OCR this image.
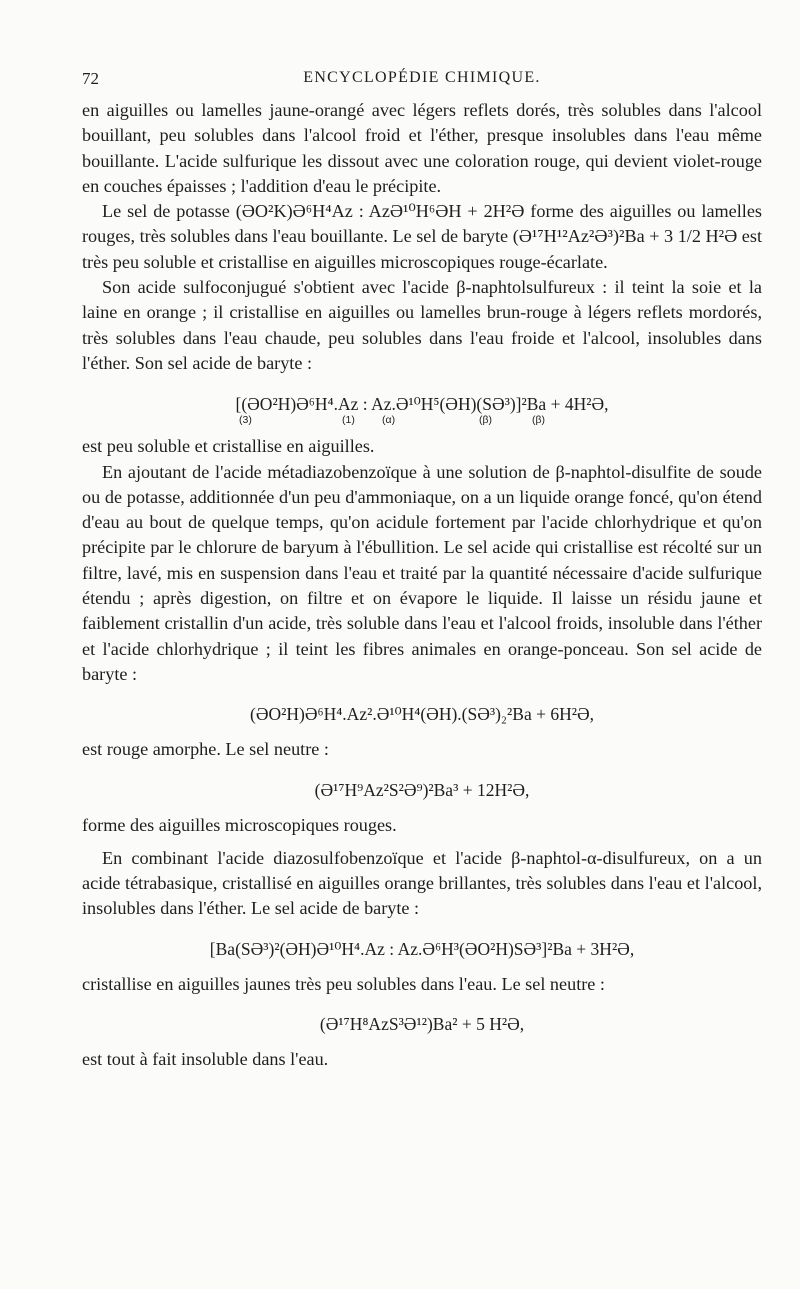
72	ENCYCLOPÉDIE CHIMIQUE.

en aiguilles ou lamelles jaune-orangé avec légers reflets dorés, très solubles dans l'alcool bouillant, peu solubles dans l'alcool froid et l'éther, presque insolubles dans l'eau même bouillante. L'acide sulfurique les dissout avec une coloration rouge, qui devient violet-rouge en couches épaisses ; l'addition d'eau le précipite.

Le sel de potasse (ƏO²K)Ə⁶H⁴Az : AzƏ¹⁰H⁶ƏH + 2H²Ə forme des aiguilles ou lamelles rouges, très solubles dans l'eau bouillante. Le sel de baryte (Ə¹⁷H¹²Az²Ə³)²Ba + 3 1/2 H²Ə est très peu soluble et cristallise en aiguilles microscopiques rouge-écarlate.

Son acide sulfoconjugué s'obtient avec l'acide β-naphtolsulfureux : il teint la soie et la laine en orange ; il cristallise en aiguilles ou lamelles brun-rouge à légers reflets mordorés, très solubles dans l'eau chaude, peu solubles dans l'eau froide et l'alcool, insolubles dans l'éther. Son sel acide de baryte :

[(ƏO²H)Ə⁶H⁴.Az : Az.Ə¹⁰H⁵(ƏH)(SƏ³)]²Ba + 4H²Ə,
(3)	(1)	(α)	(β)	(β)

est peu soluble et cristallise en aiguilles.

En ajoutant de l'acide métadiazobenzoïque à une solution de β-naphtol-disulfite de soude ou de potasse, additionnée d'un peu d'ammoniaque, on a un liquide orange foncé, qu'on étend d'eau au bout de quelque temps, qu'on acidule fortement par l'acide chlorhydrique et qu'on précipite par le chlorure de baryum à l'ébullition. Le sel acide qui cristallise est récolté sur un filtre, lavé, mis en suspension dans l'eau et traité par la quantité nécessaire d'acide sulfurique étendu ; après digestion, on filtre et on évapore le liquide. Il laisse un résidu jaune et faiblement cristallin d'un acide, très soluble dans l'eau et l'alcool froids, insoluble dans l'éther et l'acide chlorhydrique ; il teint les fibres animales en orange-ponceau. Son sel acide de baryte :

(ƏO²H)Ə⁶H⁴.Az².Ə¹⁰H⁴(ƏH).(SƏ³)₂²Ba + 6H²Ə,

est rouge amorphe. Le sel neutre :

(Ə¹⁷H⁹Az²S²Ə⁹)²Ba³ + 12H²Ə,

forme des aiguilles microscopiques rouges.

En combinant l'acide diazosulfobenzoïque et l'acide β-naphtol-α-disulfureux, on a un acide tétrabasique, cristallisé en aiguilles orange brillantes, très solubles dans l'eau et l'alcool, insolubles dans l'éther. Le sel acide de baryte :

[Ba(SƏ³)²(ƏH)Ə¹⁰H⁴.Az : Az.Ə⁶H³(ƏO²H)SƏ³]²Ba + 3H²Ə,

cristallise en aiguilles jaunes très peu solubles dans l'eau. Le sel neutre :

(Ə¹⁷H⁸AzS³Ə¹²)Ba² + 5 H²Ə,

est tout à fait insoluble dans l'eau.
